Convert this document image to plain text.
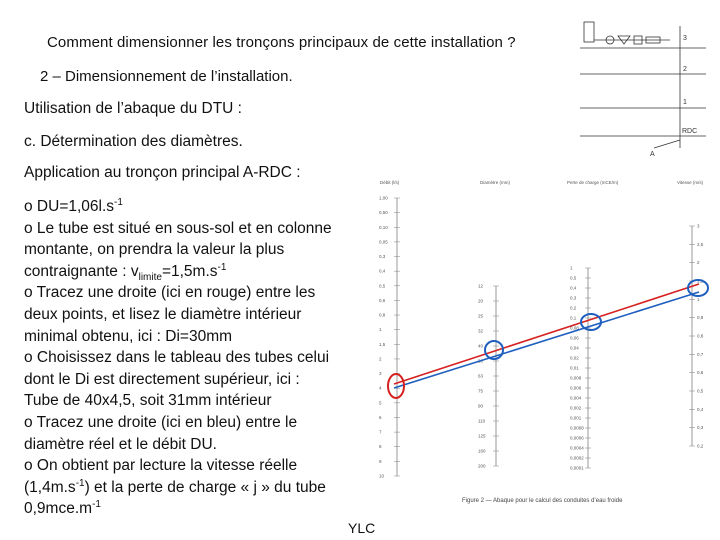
Comment dimensionner les tronçons principaux de cette installation ?
2 – Dimensionnement de l’installation.
Utilisation de l’abaque du DTU :
c. Détermination des diamètres.
Application au tronçon principal A-RDC :

o $DU=1,06l.s^{-1}$

o Le tube est situé en sous-sol et en colonne

montante, on prendra la valeur la plus

contraignante : $v_{limite}=1,5m.s^{-1}$

o Tracez une droite (ici en rouge) entre les

deux points, et lisez le diamètre intérieur

minimal obtenu, ici : Di=30mm

o Choisissez dans le tableau des tubes celui

dont le Di est directement supérieur, ici :

Tube de 40x4,5, soit 31mm intérieur

o Tracez une droite (ici en bleu) entre le

diamètre réel et le débit DU.

o On obtient par lecture la vitesse réelle

$(1,4m.s^{-1})$ et la perte de charge « j » du tube

$0,9mce.m^{-1}$

YLC
3
2
1
RDC
A
1,00
0,50
0,10
0,05
0,3
0,4
0,5
0,6
0,8
1
1,5
2
3
4
5
6
7
8
9
10
12
20
25
32
40
63
75
90
110
125
160
200
1
0,5
0,4
0,3
0,2
0,1
0,08
0,06
0,04
0,02
0,01
0,008
0,006
0,004
0,002
0,001
0,0008
0,0006
0,0004
0,0002
0,0001
3
2,5
2
1,5
1
0,9
0,8
0,7
0,6
0,5
0,4
0,3
0,2
Débit (l/s)	Diamètre (mm)	Perte de charge (mCE/m)	Vitesse (m/s)
Figure 2 — Abaque pour le calcul des conduites d’eau froide
